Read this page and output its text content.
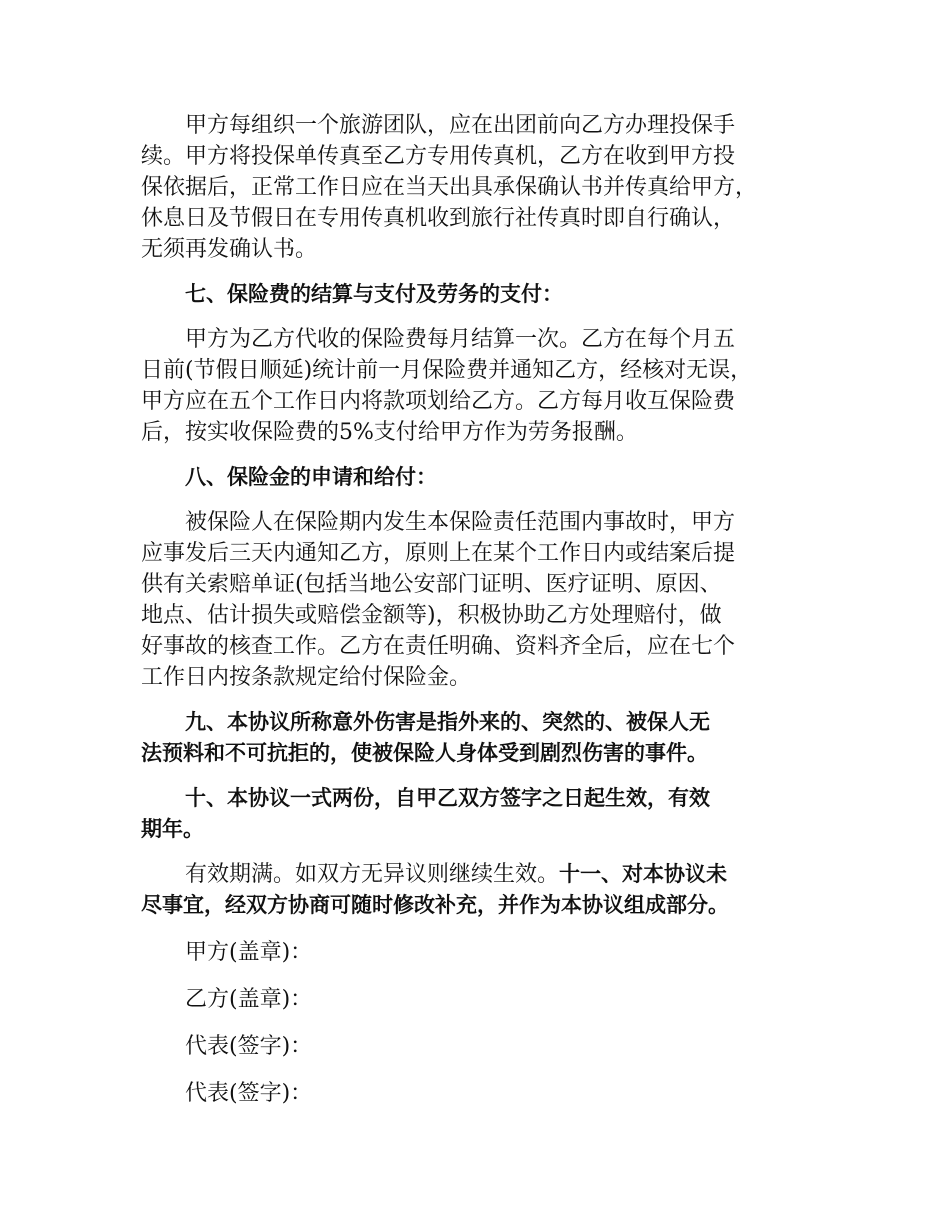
甲方每组织一个旅游团队，应在出团前向乙方办理投保手
续。甲方将投保单传真至乙方专用传真机，乙方在收到甲方投
保依据后，正常工作日应在当天出具承保确认书并传真给甲方，
休息日及节假日在专用传真机收到旅行社传真时即自行确认，
无须再发确认书。

七、保险费的结算与支付及劳务的支付：

甲方为乙方代收的保险费每月结算一次。乙方在每个月五
日前(节假日顺延)统计前一月保险费并通知乙方，经核对无误，
甲方应在五个工作日内将款项划给乙方。乙方每月收互保险费
后，按实收保险费的5%支付给甲方作为劳务报酬。

八、保险金的申请和给付：

被保险人在保险期内发生本保险责任范围内事故时，甲方
应事发后三天内通知乙方，原则上在某个工作日内或结案后提
供有关索赔单证(包括当地公安部门证明、医疗证明、原因、
地点、估计损失或赔偿金额等)，积极协助乙方处理赔付，做
好事故的核查工作。乙方在责任明确、资料齐全后，应在七个
工作日内按条款规定给付保险金。

九、本协议所称意外伤害是指外来的、突然的、被保人无
法预料和不可抗拒的，使被保险人身体受到剧烈伤害的事件。

十、本协议一式两份，自甲乙双方签字之日起生效，有效
期年。

有效期满。如双方无异议则继续生效。十一、对本协议未
尽事宜，经双方协商可随时修改补充，并作为本协议组成部分。

甲方(盖章)：

乙方(盖章)：

代表(签字)：

代表(签字)：
